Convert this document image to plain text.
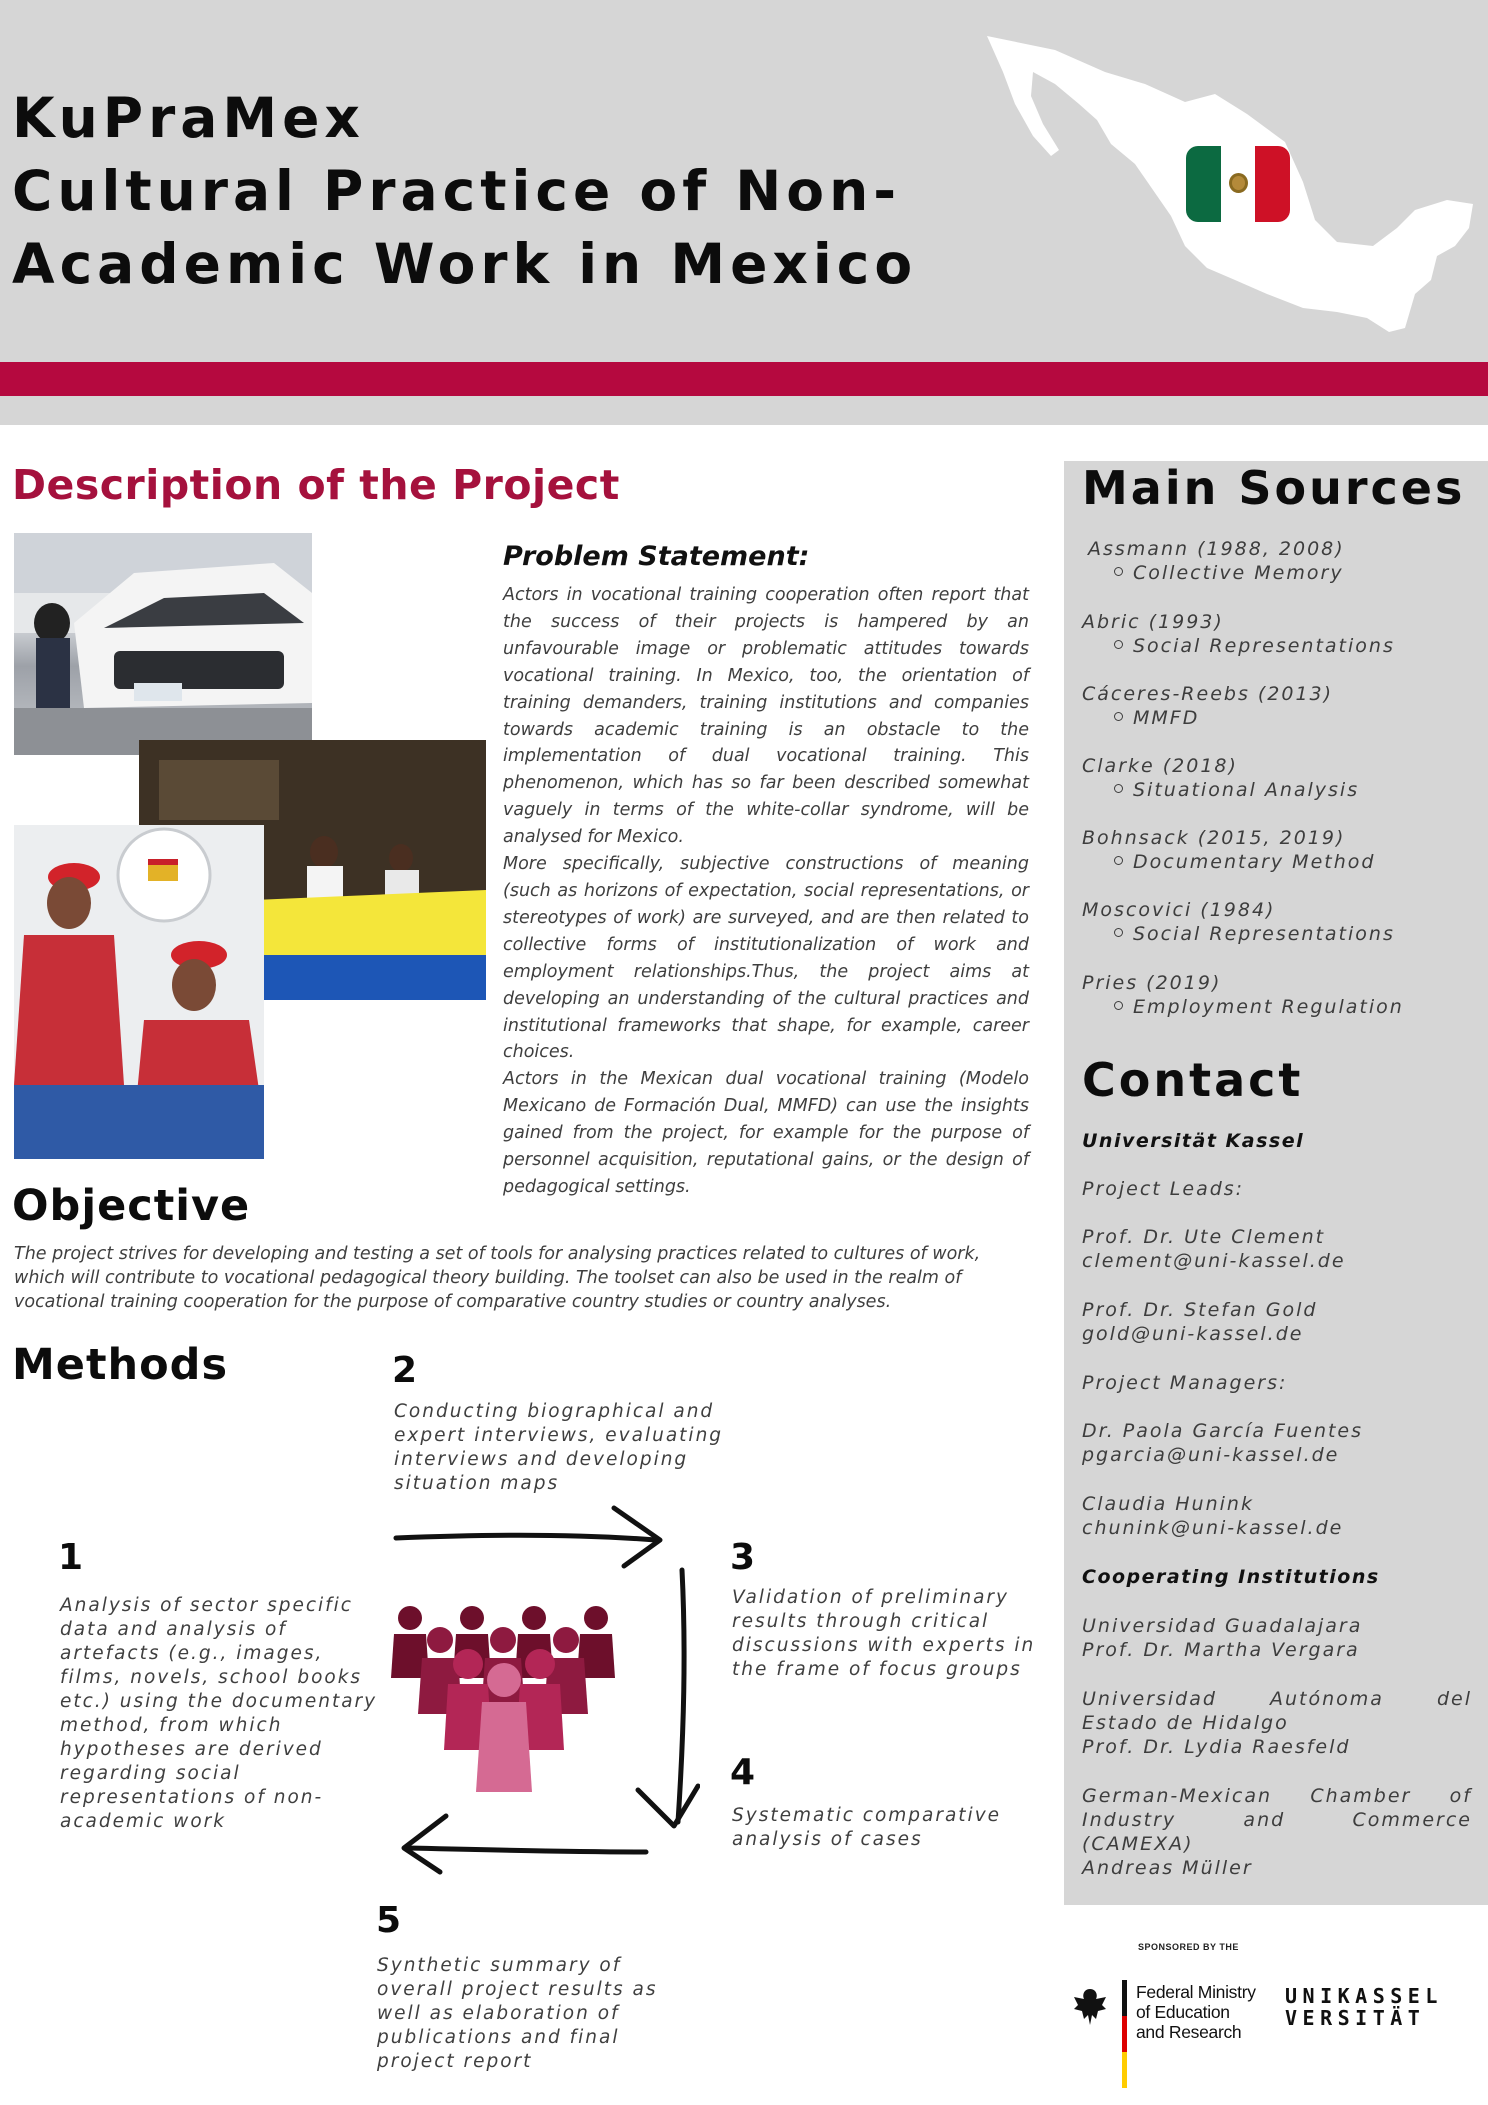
KuPraMex
Cultural Practice of Non-
Academic Work in Mexico
Description of the Project
Problem Statement:

Actors in vocational training cooperation often report that the success of their projects is hampered by an unfavourable image or problematic attitudes towards vocational training. In Mexico, too, the orientation of training demanders, training institutions and companies towards academic training is an obstacle to the implementation of dual vocational training. This phenomenon, which has so far been described somewhat vaguely in terms of the white-collar syndrome, will be analysed for Mexico.

More specifically, subjective constructions of meaning (such as horizons of expectation, social representations, or stereotypes of work) are surveyed, and are then related to collective forms of institutionalization of work and employment relationships.Thus, the project aims at developing an understanding of the cultural practices and institutional frameworks that shape, for example, career choices.

Actors in the Mexican dual vocational training (Modelo Mexicano de Formación Dual, MMFD) can use the insights gained from the project, for example for the purpose of personnel acquisition, reputational gains, or the design of pedagogical settings.

Objective
The project strives for developing and testing a set of tools for analysing practices related to cultures of work, which will contribute to vocational pedagogical theory building. The toolset can also be used in the realm of vocational training cooperation for the purpose of comparative country studies or country analyses.
Methods	2
Conducting biographical and expert interviews, evaluating interviews and developing situation maps
1
Analysis of sector specific data and analysis of artefacts (e.g., images, films, novels, school books etc.) using the documentary method, from which hypotheses are derived regarding social representations of non-academic work
3
Validation of preliminary results through critical discussions with experts in the frame of focus groups
4
Systematic comparative analysis of cases
5
Synthetic summary of overall project results as well as elaboration of publications and final project report
Main Sources
Assmann (1988, 2008)
Collective Memory
Abric (1993)
Social Representations
Cáceres-Reebs (2013)
MMFD
Clarke (2018)
Situational Analysis
Bohnsack (2015, 2019)
Documentary Method
Moscovici (1984)
Social Representations
Pries (2019)
Employment Regulation
Contact
Universität Kassel
Project Leads:
Prof. Dr. Ute Clement
clement@uni-kassel.de
Prof. Dr. Stefan Gold
gold@uni-kassel.de
Project Managers:
Dr. Paola García Fuentes
pgarcia@uni-kassel.de
Claudia Hunink
chunink@uni-kassel.de
Cooperating Institutions
Universidad Guadalajara
Prof. Dr. Martha Vergara
Universidad Autónoma del
Estado de Hidalgo
Prof. Dr. Lydia Raesfeld
German-Mexican Chamber of
Industry and Commerce
(CAMEXA)
Andreas Müller
SPONSORED BY THE
Federal Ministry
of Education
and Research
UNIKASSEL
VERSITÄT
